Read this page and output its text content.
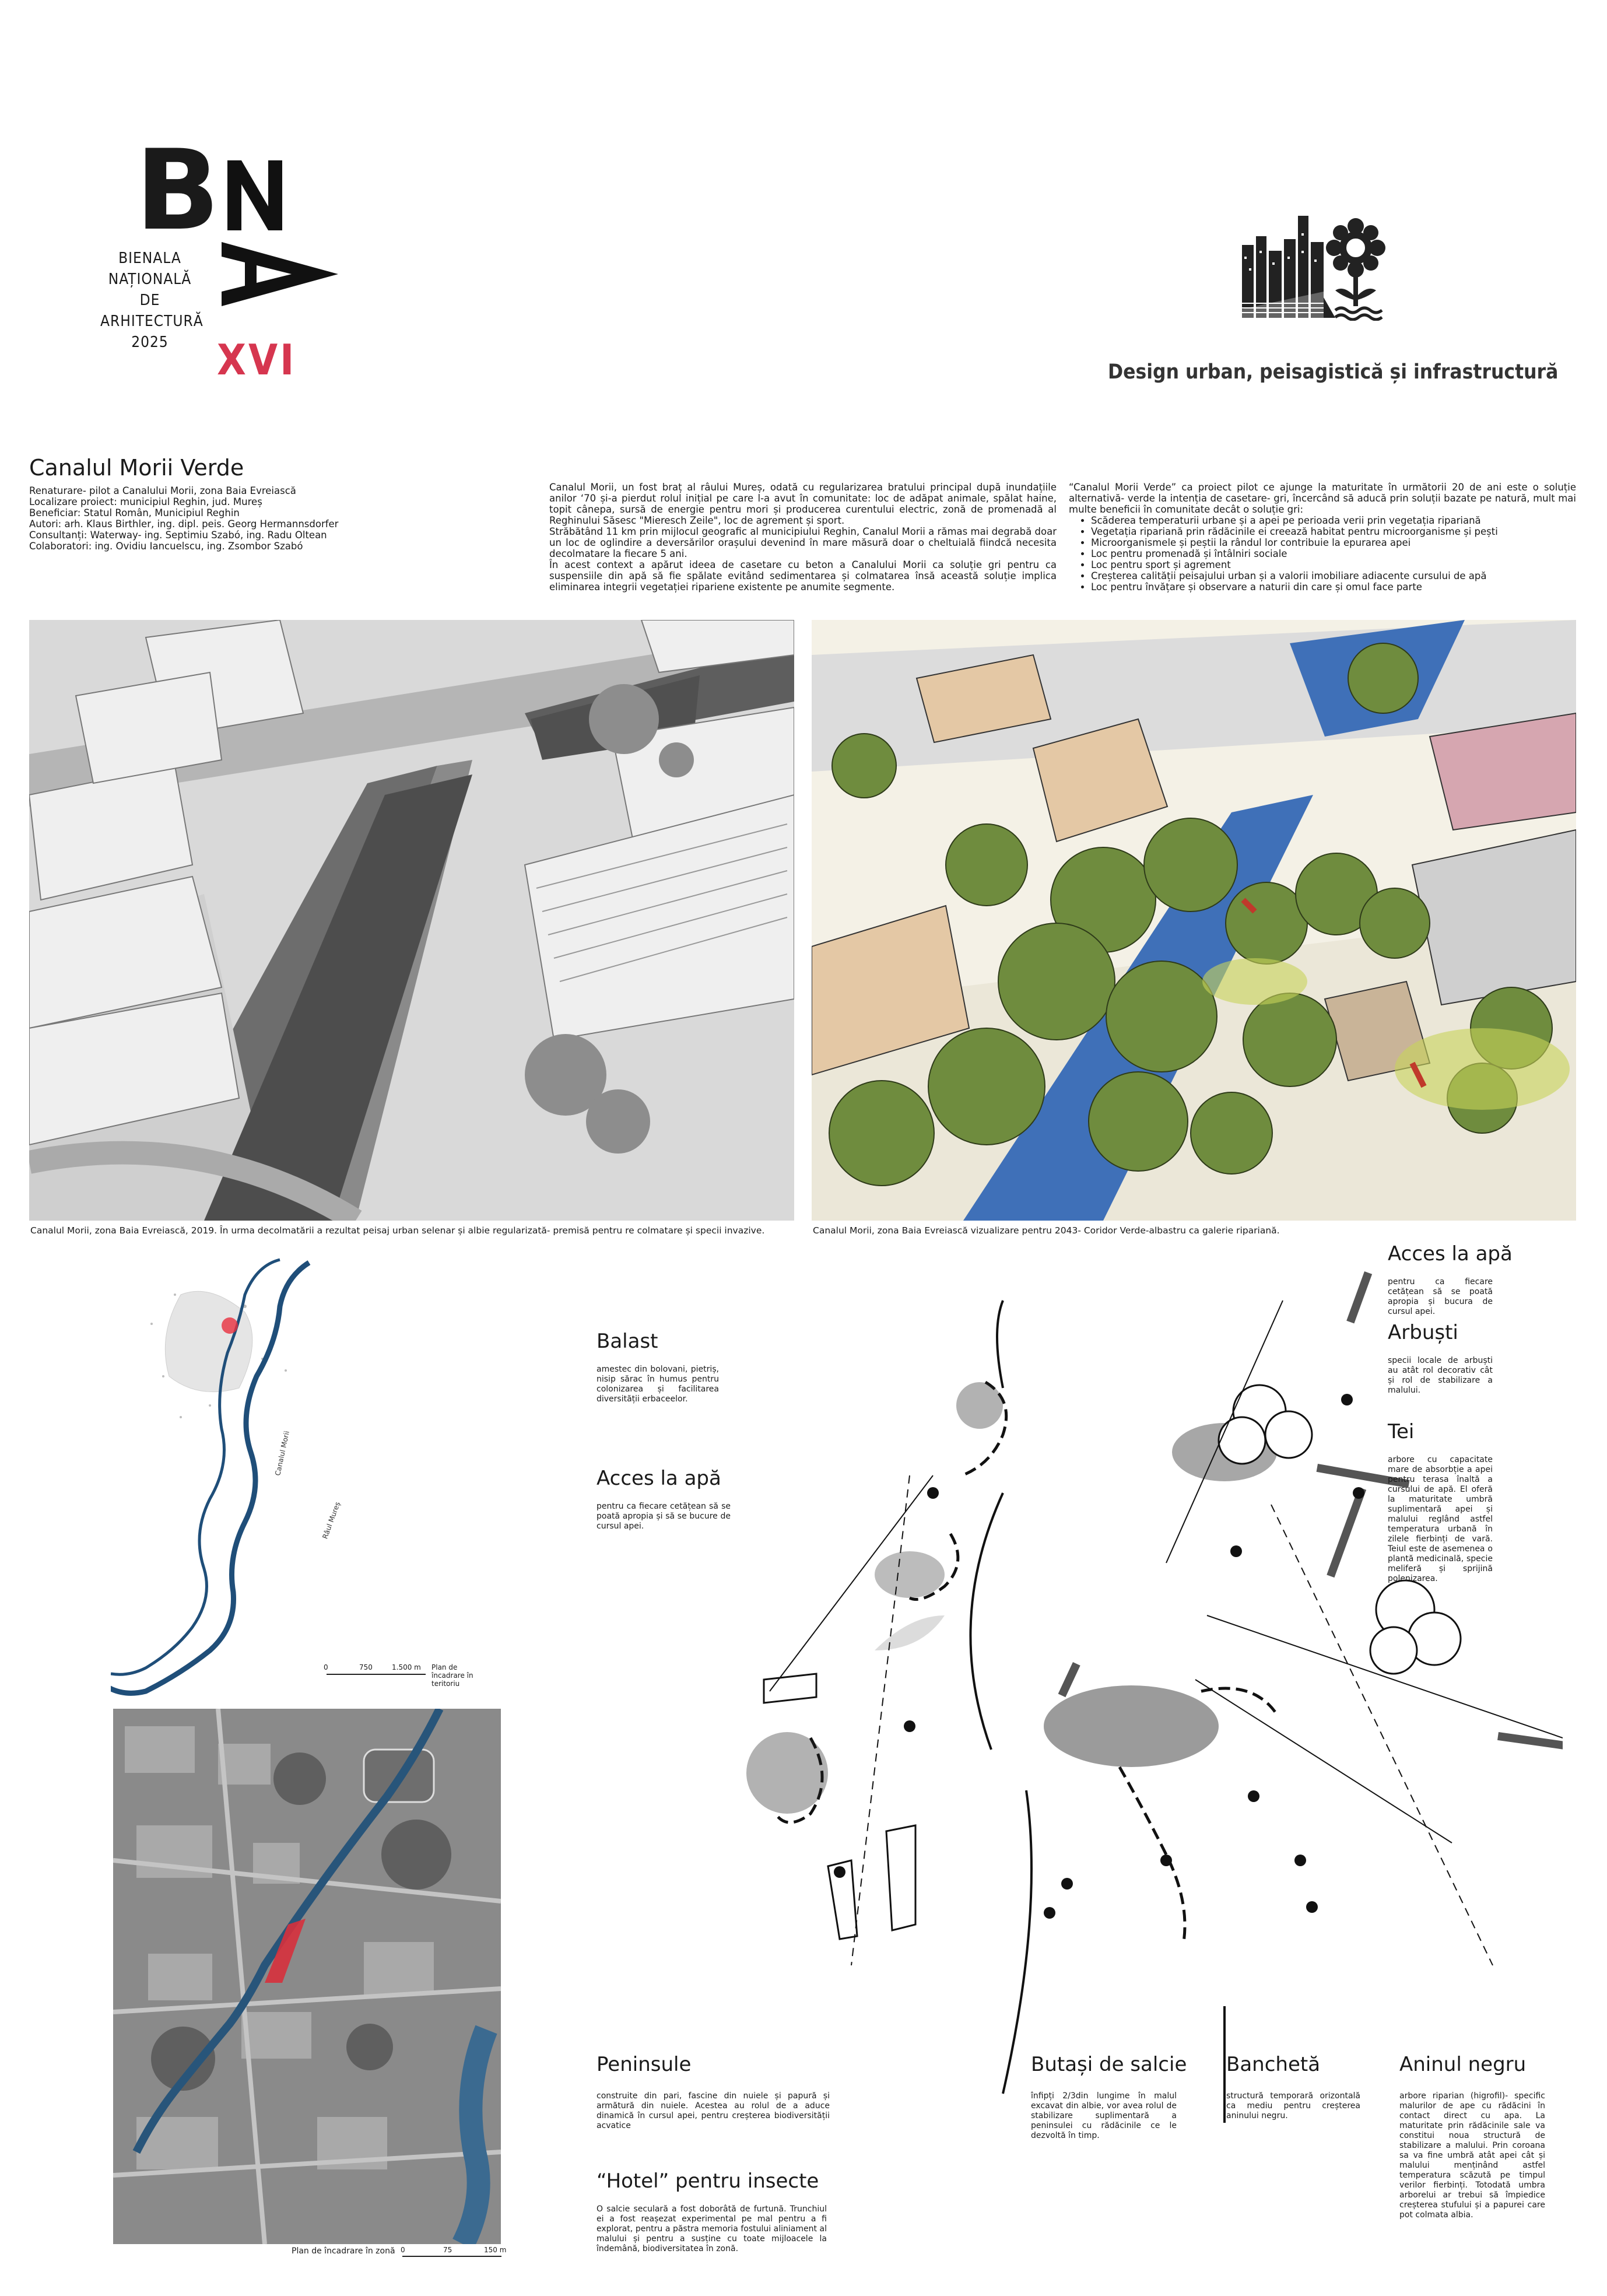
B
BIENALA
NAȚIONALĂ
DE
ARHITECTURĂ
2025	XVI	Design urban, peisagistică și infrastructură
Canalul Morii Verde
Renaturare- pilot a Canalului Morii, zona Baia Evreiască
Localizare proiect: municipiul Reghin, jud. Mureș
Beneficiar: Statul Român, Municipiul Reghin
Autori: arh. Klaus Birthler, ing. dipl. peis. Georg Hermannsdorfer
Consultanți: Waterway- ing. Septimiu Szabó, ing. Radu Oltean
Colaboratori: ing. Ovidiu Iancuelscu, ing. Zsombor Szabó

Canalul Morii, un fost braț al râului Mureș, odată cu regularizarea bratului principal după inundațiile anilor ‘70 și-a pierdut rolul inițial pe care l-a avut în comunitate: loc de adăpat animale, spălat haine, topit cânepa, sursă de energie pentru mori și producerea curentului electric, zonă de promenadă al Reghinului Săsesc "Mieresch Zeile", loc de agrement și sport.

Străbătând 11 km prin mijlocul geografic al municipiului Reghin, Canalul Morii a rămas mai degrabă doar un loc de oglindire a deversărilor orașului devenind în mare măsură doar o cheltuială fiindcă necesita decolmatare la fiecare 5 ani.

În acest context a apărut ideea de casetare cu beton a Canalului Morii ca soluție gri pentru ca suspensiile din apă să fie spălate evitând sedimentarea și colmatarea însă această soluție implica eliminarea integrii vegetației ripariene existente pe anumite segmente.

“Canalul Morii Verde” ca proiect pilot ce ajunge la maturitate în următorii 20 de ani este o soluție alternativă- verde la intenția de casetare- gri, încercând să aducă prin soluții bazate pe natură, mult mai multe beneficii în comunitate decât o soluție gri:

• Scăderea temperaturii urbane și a apei pe perioada verii prin vegetația ripariană
• Vegetația ripariană prin rădăcinile ei creează habitat pentru microorganisme și pești
• Microorganismele și peștii la rândul lor contribuie la epurarea apei
• Loc pentru promenadă și întâlniri sociale
• Loc pentru sport și agrement
• Creșterea calității peisajului urban și a valorii imobiliare adiacente cursului de apă
• Loc pentru învățare și observare a naturii din care și omul face parte
Canalul Morii, zona Baia Evreiască, 2019. În urma decolmatării a rezultat peisaj urban selenar și albie regularizată- premisă pentru re colmatare și specii invazive.	Canalul Morii, zona Baia Evreiască vizualizare pentru 2043- Coridor Verde-albastru ca galerie ripariană.
Canalul Morii
Râul Mureș
0	750	1.500 m Plan de încadrare în teritoriu
0	75	150 m
Plan de încadrare în zonă
Acces la apă
pentru ca fiecare cetățean să se poată apropia și bucura de cursul apei.
Arbuști
specii locale de arbuști au atât rol decorativ cât și rol de stabilizare a malului.
Tei
arbore cu capacitate mare de absorbție a apei pentru terasa înaltă a cursului de apă. El oferă la maturitate umbră suplimentară apei și malului reglând astfel temperatura urbană în zilele fierbinți de vară. Teiul este de asemenea o plantă medicinală, specie meliferă și sprijină polenizarea.
Balast
amestec din bolovani, pietriș, nisip sărac în humus pentru colonizarea și facilitarea diversității erbaceelor.
Acces la apă
pentru ca fiecare cetățean să se poată apropia și să se bucure de cursul apei.
Peninsule
construite din pari, fascine din nuiele și papură și armătură din nuiele. Acestea au rolul de a aduce dinamică în cursul apei, pentru creșterea biodiversității acvatice
“Hotel” pentru insecte
O salcie seculară a fost doborâtă de furtună. Trunchiul ei a fost reașezat experimental pe mal pentru a fi explorat, pentru a păstra memoria fostului aliniament al malului și pentru a susține cu toate mijloacele la îndemână, biodiversitatea în zonă.
Butași de salcie
înfipți 2/3din lungime în malul excavat din albie, vor avea rolul de stabilizare suplimentară a peninsulei cu rădăcinile ce le dezvoltă în timp.
Banchetă
structură temporară orizontală ca mediu pentru creșterea aninului negru.
Aninul negru
arbore riparian (higrofil)- specific malurilor de ape cu rădăcini în contact direct cu apa. La maturitate prin rădăcinile sale va constitui noua structură de stabilizare a malului. Prin coroana sa va fine umbră atât apei cât și malului menținând astfel temperatura scăzută pe timpul verilor fierbinți. Totodată umbra arborelui ar trebui să împiedice creșterea stufului și a papurei care pot colmata albia.
